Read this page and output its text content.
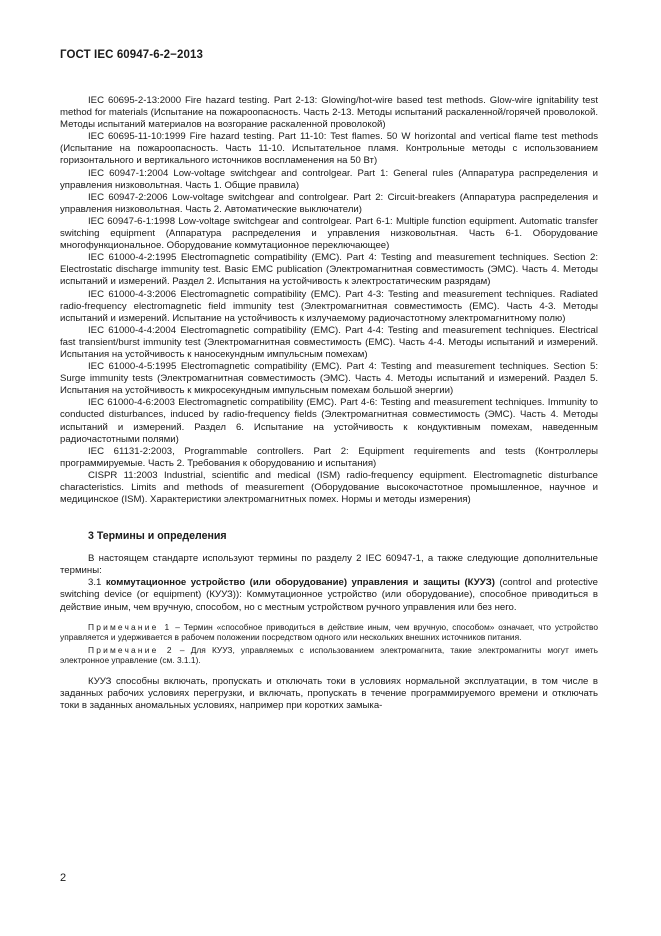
ГОСТ IEC 60947-6-2−2013

IEC 60695-2-13:2000 Fire hazard testing. Part 2-13: Glowing/hot-wire based test methods. Glow-wire ignitability test method for materials (Испытание на пожароопасность. Часть 2-13. Методы испытаний раскаленной/горячей проволокой. Методы испытаний материалов на возгорание раскаленной проволокой)

IEC 60695-11-10:1999 Fire hazard testing. Part 11-10: Test flames. 50 W horizontal and vertical flame test methods (Испытание на пожароопасность. Часть 11-10. Испытательное пламя. Контрольные методы с использованием горизонтального и вертикального источников воспламенения на 50 Вт)

IEC 60947-1:2004 Low-voltage switchgear and controlgear. Part 1: General rules (Аппаратура распределения и управления низковольтная. Часть 1. Общие правила)

IEC 60947-2:2006 Low-voltage switchgear and controlgear. Part 2: Circuit-breakers (Аппаратура распределения и управления низковольтная. Часть 2. Автоматические выключатели)

IEC 60947-6-1:1998 Low-voltage switchgear and controlgear. Part 6-1: Multiple function equipment. Automatic transfer switching equipment (Аппаратура распределения и управления низковольтная. Часть 6-1. Оборудование многофункциональное. Оборудование коммутационное переключающее)

IEC 61000-4-2:1995 Electromagnetic compatibility (EMC). Part 4: Testing and measurement techniques. Section 2: Electrostatic discharge immunity test. Basic EMC publication (Электромагнитная совместимость (ЭМС). Часть 4. Методы испытаний и измерений. Раздел 2. Испытания на устойчивость к электростатическим разрядам)

IEC 61000-4-3:2006 Electromagnetic compatibility (EMC). Part 4-3: Testing and measurement techniques. Radiated radio-frequency electromagnetic field immunity test (Электромагнитная совместимость (ЕМС). Часть 4-3. Методы испытаний и измерений. Испытание на устойчивость к излучаемому радиочастотному электромагнитному полю)

IEC 61000-4-4:2004 Electromagnetic compatibility (EMC). Part 4-4: Testing and measurement techniques. Electrical fast transient/burst immunity test (Электромагнитная совместимость (ЕМС). Часть 4-4. Методы испытаний и измерений. Испытания на устойчивость к наносекундным импульсным помехам)

IEC 61000-4-5:1995 Electromagnetic compatibility (EMC). Part 4: Testing and measurement techniques. Section 5: Surge immunity tests (Электромагнитная совместимость (ЭМС). Часть 4. Методы испытаний и измерений. Раздел 5. Испытания на устойчивость к микросекундным импульсным помехам большой энергии)

IEC 61000-4-6:2003 Electromagnetic compatibility (EMC). Part 4-6: Testing and measurement techniques. Immunity to conducted disturbances, induced by radio-frequency fields (Электромагнитная совместимость (ЭМС). Часть 4. Методы испытаний и измерений. Раздел 6. Испытание на устойчивость к кондуктивным помехам, наведенным радиочастотными полями)

IEC 61131-2:2003, Programmable controllers. Part 2: Equipment requirements and tests (Контроллеры программируемые. Часть 2. Требования к оборудованию и испытания)

CISPR 11:2003 Industrial, scientific and medical (ISM) radio-frequency equipment. Electromagnetic disturbance characteristics. Limits and methods of measurement (Оборудование высокочастотное промышленное, научное и медицинское (ISM). Характеристики электромагнитных помех. Нормы и методы измерения)

3 Термины и определения

В настоящем стандарте используют термины по разделу 2 IEC 60947-1, а также следующие дополнительные термины:

3.1 коммутационное устройство (или оборудование) управления и защиты (КУУЗ) (control and protective switching device (or equipment) (КУУЗ)): Коммутационное устройство (или оборудование), способное приводиться в действие иным, чем вручную, способом, но с местным устройством ручного управления или без него.

Примечание 1 – Термин «способное приводиться в действие иным, чем вручную, способом» означает, что устройство управляется и удерживается в рабочем положении посредством одного или нескольких внешних источников питания.

Примечание 2 – Для КУУЗ, управляемых с использованием электромагнита, такие электромагниты могут иметь электронное управление (см. 3.1.1).

КУУЗ способны включать, пропускать и отключать токи в условиях нормальной эксплуатации, в том числе в заданных рабочих условиях перегрузки, и включать, пропускать в течение программируемого времени и отключать токи в заданных аномальных условиях, например при коротких замыка-

2
